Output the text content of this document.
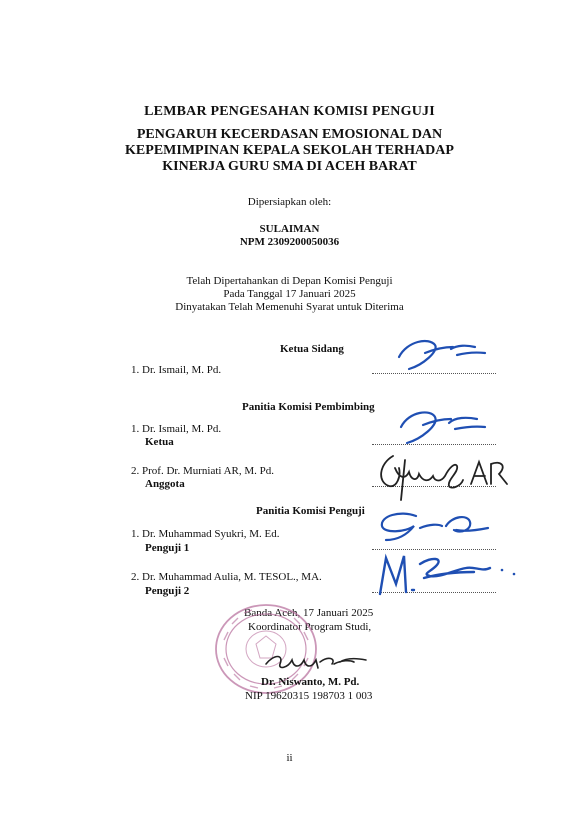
LEMBAR PENGESAHAN KOMISI PENGUJI
PENGARUH KECERDASAN EMOSIONAL DAN
KEPEMIMPINAN KEPALA SEKOLAH TERHADAP
KINERJA GURU SMA DI ACEH BARAT
Dipersiapkan oleh:
SULAIMAN
NPM 2309200050036
Telah Dipertahankan di Depan Komisi Penguji
Pada Tanggal 17 Januari 2025
Dinyatakan Telah Memenuhi Syarat untuk Diterima
Ketua Sidang
1. Dr. Ismail, M. Pd.
Panitia Komisi Pembimbing
1. Dr. Ismail, M. Pd.
Ketua
2. Prof. Dr. Murniati AR, M. Pd.
Anggota
Panitia Komisi Penguji
1. Dr. Muhammad Syukri, M. Ed.
Penguji 1
2. Dr. Muhammad Aulia, M. TESOL., MA.
Penguji 2
Banda Aceh, 17 Januari 2025
Koordinator Program Studi,
Dr. Niswanto, M. Pd.
NIP 19620315 198703 1 003
ii
